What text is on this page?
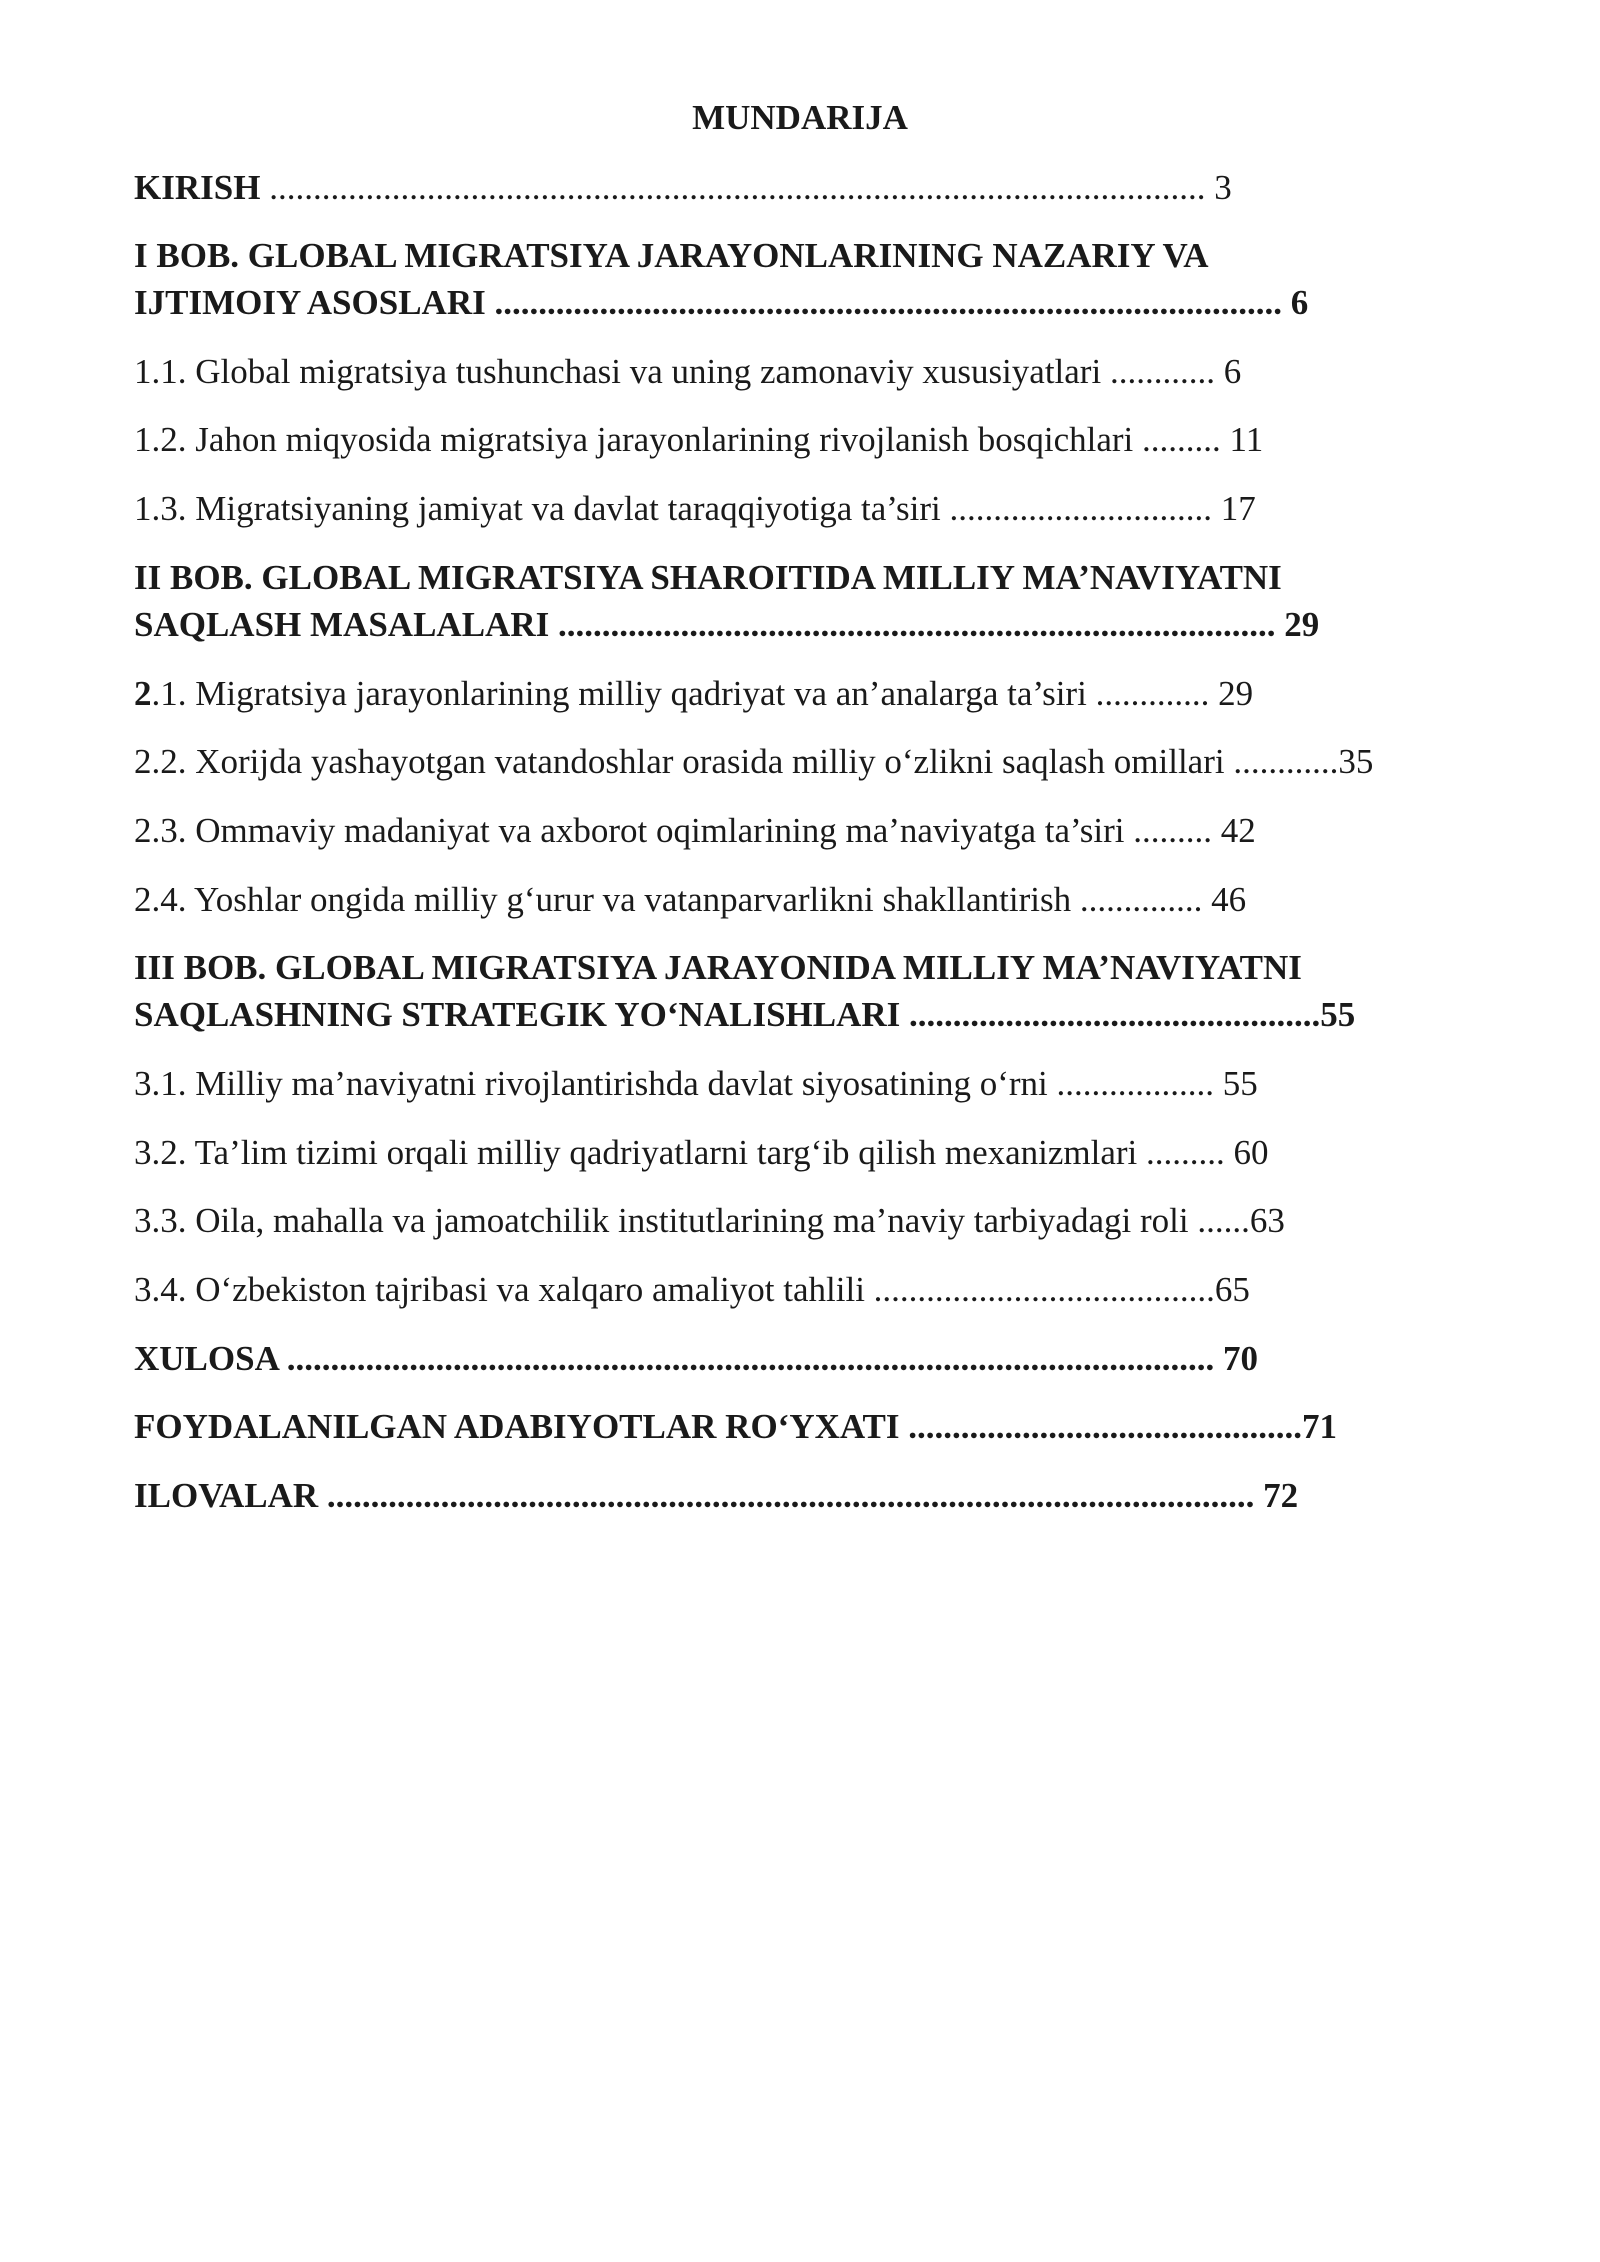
MUNDARIJA
KIRISH ........................................................................................................... 3
I BOB. GLOBAL MIGRATSIYA JARAYONLARINING NAZARIY VA
IJTIMOIY ASOSLARI .......................................................................................... 6
1.1. Global migratsiya tushunchasi va uning zamonaviy xususiyatlari ............ 6
1.2. Jahon miqyosida migratsiya jarayonlarining rivojlanish bosqichlari ......... 11
1.3. Migratsiyaning jamiyat va davlat taraqqiyotiga ta’siri .............................. 17
II BOB. GLOBAL MIGRATSIYA SHAROITIDA MILLIY MA’NAVIYATNI
SAQLASH MASALALARI .................................................................................. 29
2.1. Migratsiya jarayonlarining milliy qadriyat va an’analarga ta’siri ............. 29
2.2. Xorijda yashayotgan vatandoshlar orasida milliy o‘zlikni saqlash omillari ............35
2.3. Ommaviy madaniyat va axborot oqimlarining ma’naviyatga ta’siri ......... 42
2.4. Yoshlar ongida milliy g‘urur va vatanparvarlikni shakllantirish .............. 46
III BOB. GLOBAL MIGRATSIYA JARAYONIDA MILLIY MA’NAVIYATNI
SAQLASHNING STRATEGIK YO‘NALISHLARI ...............................................55
3.1. Milliy ma’naviyatni rivojlantirishda davlat siyosatining o‘rni .................. 55
3.2. Ta’lim tizimi orqali milliy qadriyatlarni targ‘ib qilish mexanizmlari ......... 60
3.3. Oila, mahalla va jamoatchilik institutlarining ma’naviy tarbiyadagi roli ......63
3.4. O‘zbekiston tajribasi va xalqaro amaliyot tahlili .......................................65
XULOSA .......................................................................................................... 70
FOYDALANILGAN ADABIYOTLAR RO‘YXATI .............................................71
ILOVALAR .......................................................................................................... 72
